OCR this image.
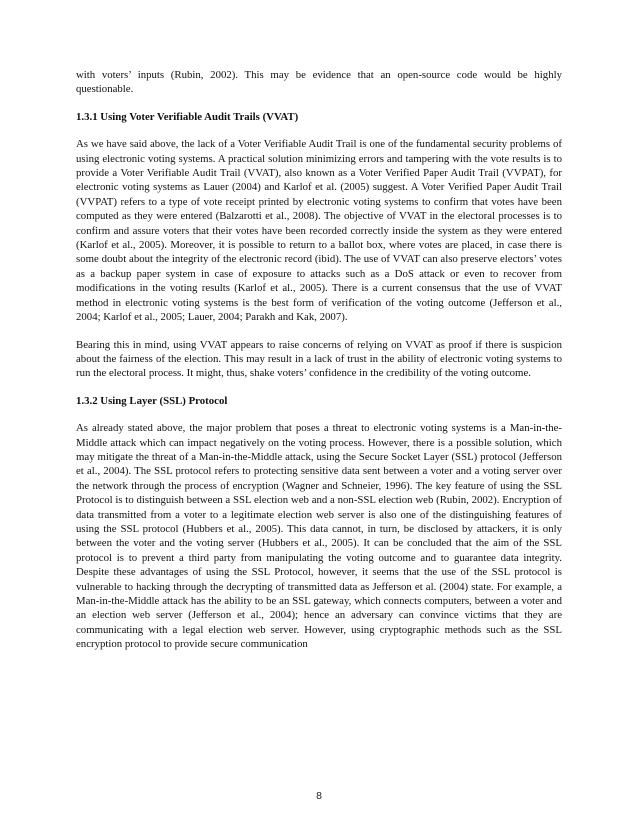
with voters’ inputs (Rubin, 2002). This may be evidence that an open-source code would be highly questionable.

1.3.1 Using Voter Verifiable Audit Trails (VVAT)

As we have said above, the lack of a Voter Verifiable Audit Trail is one of the fundamental security problems of using electronic voting systems. A practical solution minimizing errors and tampering with the vote results is to provide a Voter Verifiable Audit Trail (VVAT), also known as a Voter Verified Paper Audit Trail (VVPAT), for electronic voting systems as Lauer (2004) and Karlof et al. (2005) suggest. A Voter Verified Paper Audit Trail (VVPAT) refers to a type of vote receipt printed by electronic voting systems to confirm that votes have been computed as they were entered (Balzarotti et al., 2008). The objective of VVAT in the electoral processes is to confirm and assure voters that their votes have been recorded correctly inside the system as they were entered (Karlof et al., 2005). Moreover, it is possible to return to a ballot box, where votes are placed, in case there is some doubt about the integrity of the electronic record (ibid). The use of VVAT can also preserve electors’ votes as a backup paper system in case of exposure to attacks such as a DoS attack or even to recover from modifications in the voting results (Karlof et al., 2005). There is a current consensus that the use of VVAT method in electronic voting systems is the best form of verification of the voting outcome (Jefferson et al., 2004; Karlof et al., 2005; Lauer, 2004; Parakh and Kak, 2007).

Bearing this in mind, using VVAT appears to raise concerns of relying on VVAT as proof if there is suspicion about the fairness of the election. This may result in a lack of trust in the ability of electronic voting systems to run the electoral process. It might, thus, shake voters’ confidence in the credibility of the voting outcome.

1.3.2 Using Layer (SSL) Protocol

As already stated above, the major problem that poses a threat to electronic voting systems is a Man-in-the-Middle attack which can impact negatively on the voting process. However, there is a possible solution, which may mitigate the threat of a Man-in-the-Middle attack, using the Secure Socket Layer (SSL) protocol (Jefferson et al., 2004). The SSL protocol refers to protecting sensitive data sent between a voter and a voting server over the network through the process of encryption (Wagner and Schneier, 1996). The key feature of using the SSL Protocol is to distinguish between a SSL election web and a non-SSL election web (Rubin, 2002). Encryption of data transmitted from a voter to a legitimate election web server is also one of the distinguishing features of using the SSL protocol (Hubbers et al., 2005). This data cannot, in turn, be disclosed by attackers, it is only between the voter and the voting server (Hubbers et al., 2005). It can be concluded that the aim of the SSL protocol is to prevent a third party from manipulating the voting outcome and to guarantee data integrity. Despite these advantages of using the SSL Protocol, however, it seems that the use of the SSL protocol is vulnerable to hacking through the decrypting of transmitted data as Jefferson et al. (2004) state. For example, a Man-in-the-Middle attack has the ability to be an SSL gateway, which connects computers, between a voter and an election web server (Jefferson et al., 2004); hence an adversary can convince victims that they are communicating with a legal election web server. However, using cryptographic methods such as the SSL encryption protocol to provide secure communication

8
